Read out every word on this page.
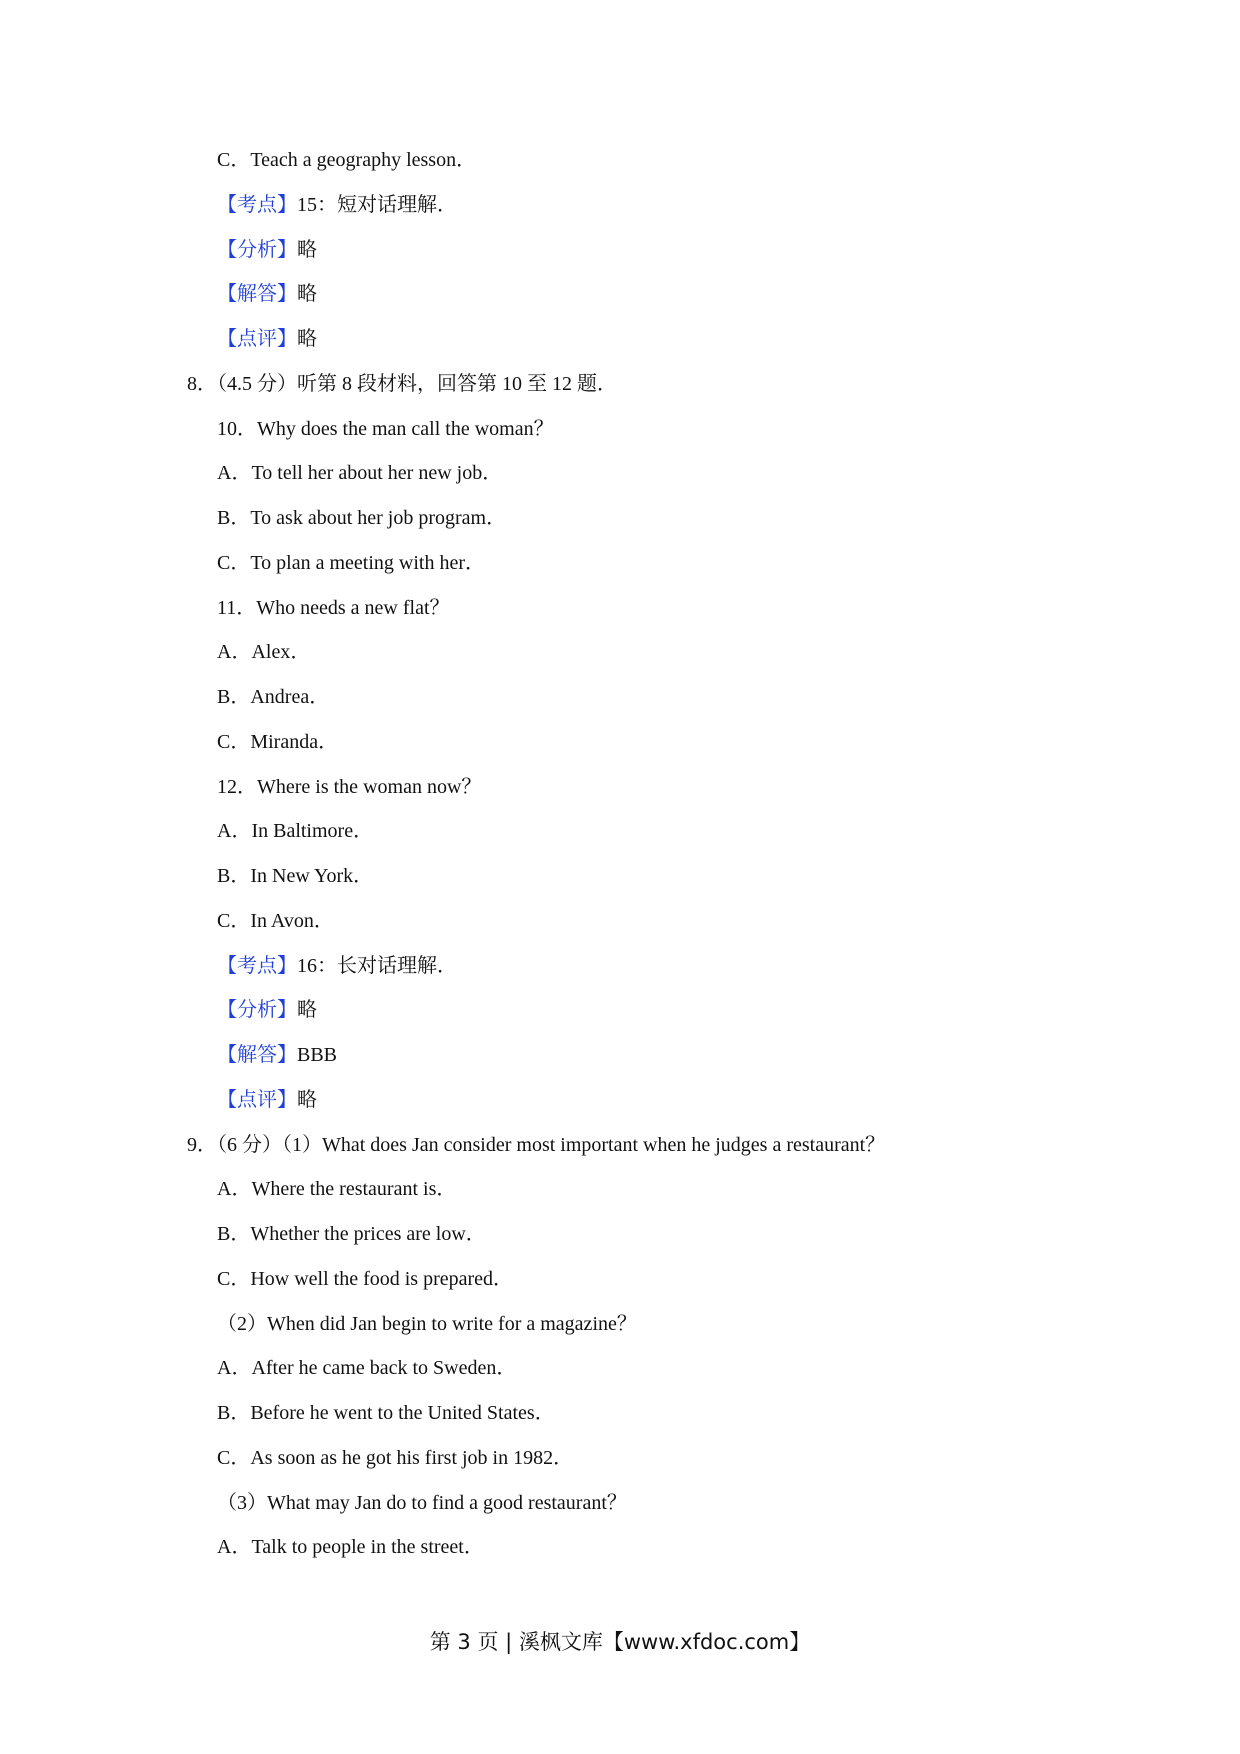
C．Teach a geography lesson．
【考点】15：短对话理解．
【分析】略
【解答】略
【点评】略
8．（4.5 分）听第 8 段材料，回答第 10 至 12 题．
10．Why does the man call the woman？
A．To tell her about her new job．
B．To ask about her job program．
C．To plan a meeting with her．
11．Who needs a new flat？
A．Alex．
B．Andrea．
C．Miranda．
12．Where is the woman now？
A．In Baltimore．
B．In New York．
C．In Avon．
【考点】16：长对话理解．
【分析】略
【解答】BBB
【点评】略
9．（6 分）（1）What does Jan consider most important when he judges a restaurant？
A．Where the restaurant is．
B．Whether the prices are low．
C．How well the food is prepared．
（2）When did Jan begin to write for a magazine？
A．After he came back to Sweden．
B．Before he went to the United States．
C．As soon as he got his first job in 1982．
（3）What may Jan do to find a good restaurant？
A．Talk to people in the street．
第 3 页 | 溪枫文库【www.xfdoc.com】
